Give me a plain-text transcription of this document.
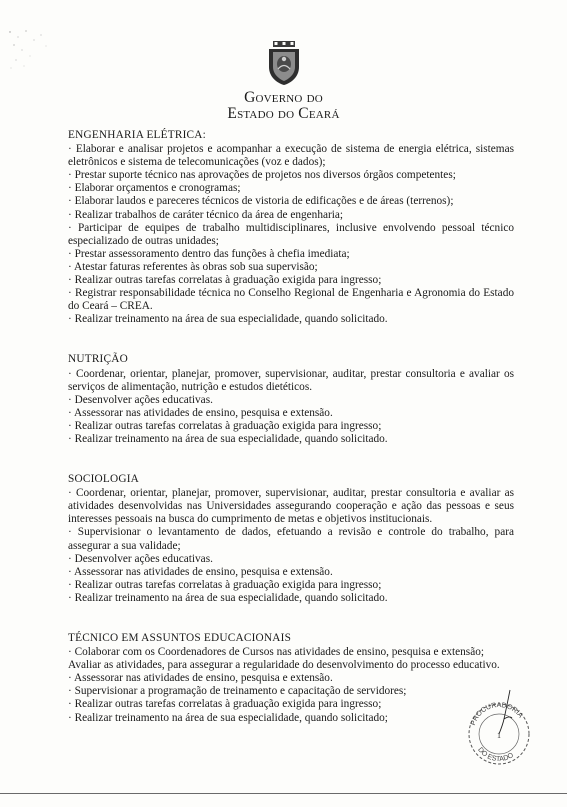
Governo do
Estado do Ceará
ENGENHARIA ELÉTRICA:
· Elaborar e analisar projetos e acompanhar a execução de sistema de energia elétrica, sistemas eletrônicos e sistema de telecomunicações (voz e dados);
· Prestar suporte técnico nas aprovações de projetos nos diversos órgãos competentes;
· Elaborar orçamentos e cronogramas;
· Elaborar laudos e pareceres técnicos de vistoria de edificações e de áreas (terrenos);
· Realizar trabalhos de caráter técnico da área de engenharia;
· Participar de equipes de trabalho multidisciplinares, inclusive envolvendo pessoal técnico especializado de outras unidades;
· Prestar assessoramento dentro das funções à chefia imediata;
· Atestar faturas referentes às obras sob sua supervisão;
· Realizar outras tarefas correlatas à graduação exigida para ingresso;
· Registrar responsabilidade técnica no Conselho Regional de Engenharia e Agronomia do Estado do Ceará – CREA.
· Realizar treinamento na área de sua especialidade, quando solicitado.
NUTRIÇÃO
· Coordenar, orientar, planejar, promover, supervisionar, auditar, prestar consultoria e avaliar os serviços de alimentação, nutrição e estudos dietéticos.
· Desenvolver ações educativas.
· Assessorar nas atividades de ensino, pesquisa e extensão.
· Realizar outras tarefas correlatas à graduação exigida para ingresso;
· Realizar treinamento na área de sua especialidade, quando solicitado.
SOCIOLOGIA
· Coordenar, orientar, planejar, promover, supervisionar, auditar, prestar consultoria e avaliar as atividades desenvolvidas nas Universidades assegurando cooperação e ação das pessoas e seus interesses pessoais na busca do cumprimento de metas e objetivos institucionais.
· Supervisionar o levantamento de dados, efetuando a revisão e controle do trabalho, para assegurar a sua validade;
· Desenvolver ações educativas.
· Assessorar nas atividades de ensino, pesquisa e extensão.
· Realizar outras tarefas correlatas à graduação exigida para ingresso;
· Realizar treinamento na área de sua especialidade, quando solicitado.
TÉCNICO EM ASSUNTOS EDUCACIONAIS
· Colaborar com os Coordenadores de Cursos nas atividades de ensino, pesquisa e extensão;
Avaliar as atividades, para assegurar a regularidade do desenvolvimento do processo educativo.
· Assessorar nas atividades de ensino, pesquisa e extensão.
· Supervisionar a programação de treinamento e capacitação de servidores;
· Realizar outras tarefas correlatas à graduação exigida para ingresso;
· Realizar treinamento na área de sua especialidade, quando solicitado;	PROCURADORIA
DO ESTADO
1
